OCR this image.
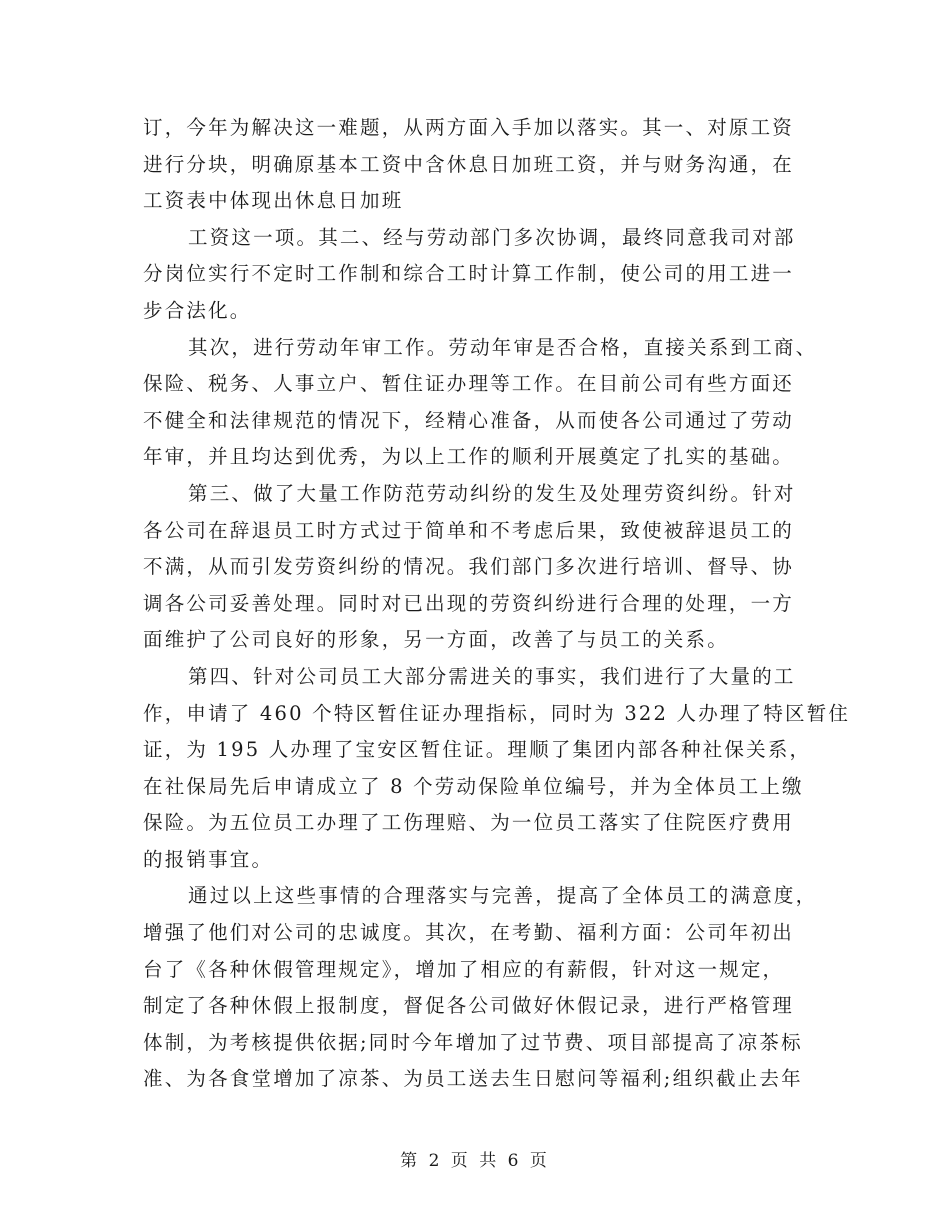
订，今年为解决这一难题，从两方面入手加以落实。其一、对原工资
进行分块，明确原基本工资中含休息日加班工资，并与财务沟通，在
工资表中体现出休息日加班
工资这一项。其二、经与劳动部门多次协调，最终同意我司对部
分岗位实行不定时工作制和综合工时计算工作制，使公司的用工进一
步合法化。
其次，进行劳动年审工作。劳动年审是否合格，直接关系到工商、
保险、税务、人事立户、暂住证办理等工作。在目前公司有些方面还
不健全和法律规范的情况下，经精心准备，从而使各公司通过了劳动
年审，并且均达到优秀，为以上工作的顺利开展奠定了扎实的基础。
第三、做了大量工作防范劳动纠纷的发生及处理劳资纠纷。针对
各公司在辞退员工时方式过于简单和不考虑后果，致使被辞退员工的
不满，从而引发劳资纠纷的情况。我们部门多次进行培训、督导、协
调各公司妥善处理。同时对已出现的劳资纠纷进行合理的处理，一方
面维护了公司良好的形象，另一方面，改善了与员工的关系。
第四、针对公司员工大部分需进关的事实，我们进行了大量的工
作，申请了 460 个特区暂住证办理指标，同时为 322 人办理了特区暂住
证，为 195 人办理了宝安区暂住证。理顺了集团内部各种社保关系，
在社保局先后申请成立了 8 个劳动保险单位编号，并为全体员工上缴
保险。为五位员工办理了工伤理赔、为一位员工落实了住院医疗费用
的报销事宜。
通过以上这些事情的合理落实与完善，提高了全体员工的满意度，
增强了他们对公司的忠诚度。其次，在考勤、福利方面：公司年初出
台了《各种休假管理规定》，增加了相应的有薪假，针对这一规定，
制定了各种休假上报制度，督促各公司做好休假记录，进行严格管理
体制，为考核提供依据;同时今年增加了过节费、项目部提高了凉茶标
准、为各食堂增加了凉茶、为员工送去生日慰问等福利;组织截止去年
第 2 页 共 6 页
